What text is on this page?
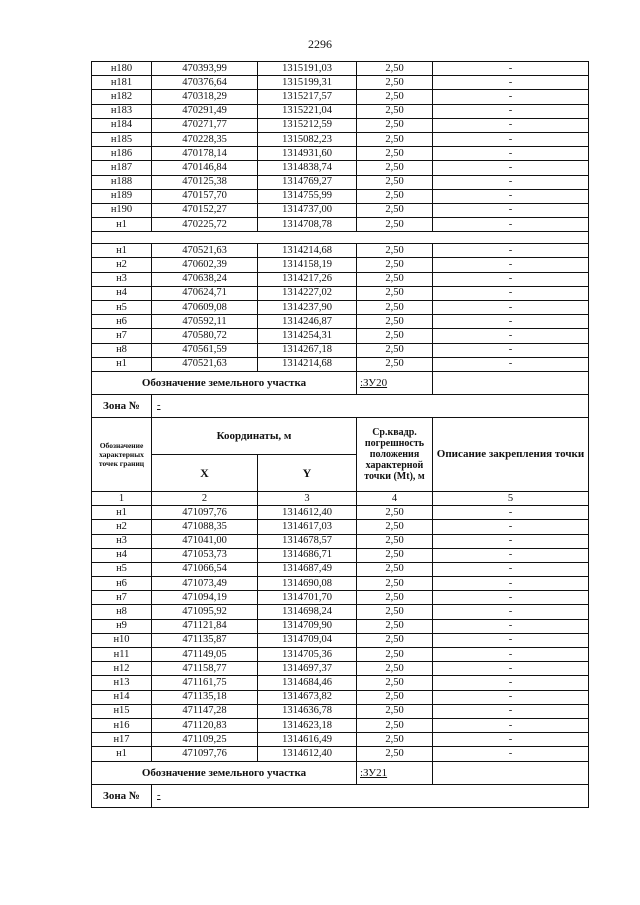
2296
н180	470393,99	1315191,03	2,50	-
н181	470376,64	1315199,31	2,50	-
н182	470318,29	1315217,57	2,50	-
н183	470291,49	1315221,04	2,50	-
н184	470271,77	1315212,59	2,50	-
н185	470228,35	1315082,23	2,50	-
н186	470178,14	1314931,60	2,50	-
н187	470146,84	1314838,74	2,50	-
н188	470125,38	1314769,27	2,50	-
н189	470157,70	1314755,99	2,50	-
н190	470152,27	1314737,00	2,50	-
н1	470225,72	1314708,78	2,50	-

н1	470521,63	1314214,68	2,50	-
н2	470602,39	1314158,19	2,50	-
н3	470638,24	1314217,26	2,50	-
н4	470624,71	1314227,02	2,50	-
н5	470609,08	1314237,90	2,50	-
н6	470592,11	1314246,87	2,50	-
н7	470580,72	1314254,31	2,50	-
н8	470561,59	1314267,18	2,50	-
н1	470521,63	1314214,68	2,50	-
Обозначение земельного участка			:ЗУ20	
Зона №	-			
Обозначение характерных точек границ	Координаты, м		Ср.квадр. погрешность положения характерной точки (Mt), м	Описание закрепления точки
	X	Y		
1	2	3	4	5
н1	471097,76	1314612,40	2,50	-
н2	471088,35	1314617,03	2,50	-
н3	471041,00	1314678,57	2,50	-
н4	471053,73	1314686,71	2,50	-
н5	471066,54	1314687,49	2,50	-
н6	471073,49	1314690,08	2,50	-
н7	471094,19	1314701,70	2,50	-
н8	471095,92	1314698,24	2,50	-
н9	471121,84	1314709,90	2,50	-
н10	471135,87	1314709,04	2,50	-
н11	471149,05	1314705,36	2,50	-
н12	471158,77	1314697,37	2,50	-
н13	471161,75	1314684,46	2,50	-
н14	471135,18	1314673,82	2,50	-
н15	471147,28	1314636,78	2,50	-
н16	471120,83	1314623,18	2,50	-
н17	471109,25	1314616,49	2,50	-
н1	471097,76	1314612,40	2,50	-
Обозначение земельного участка			:ЗУ21	
Зона №	-			
